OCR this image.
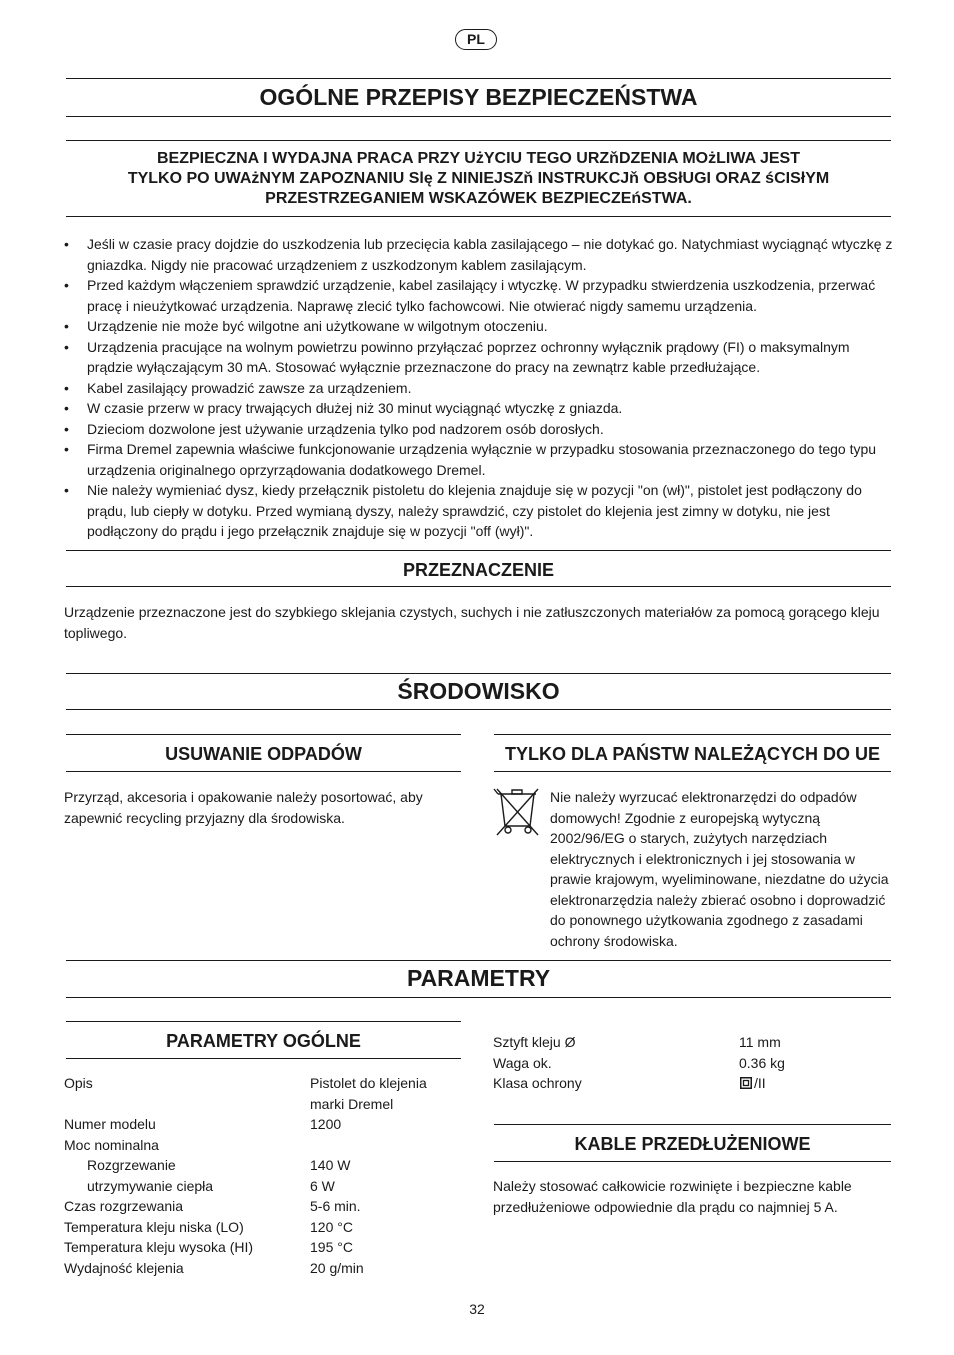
PL
OGÓLNE PRZEPISY BEZPIECZEŃSTWA
BEZPIECZNA I WYDAJNA PRACA PRZY UżYCIU TEGO URZňDZENIA MOżLIWA JEST
TYLKO PO UWAżNYM ZAPOZNANIU Slę Z NINIEJSZň INSTRUKCJň OBSłUGI ORAZ śCISłYM
PRZESTRZEGANIEM WSKAZÓWEK BEZPIECZEńSTWA.
• Jeśli w czasie pracy dojdzie do uszkodzenia lub przecięcia kabla zasilającego – nie dotykać go. Natychmiast wyciągnąć wtyczkę z gniazdka. Nigdy nie pracować urządzeniem z uszkodzonym kablem zasilającym.
• Przed każdym włączeniem sprawdzić urządzenie, kabel zasilający i wtyczkę. W przypadku stwierdzenia uszkodzenia, przerwać pracę i nieużytkować urządzenia. Naprawę zlecić tylko fachowcowi. Nie otwierać nigdy samemu urządzenia.
• Urządzenie nie może być wilgotne ani użytkowane w wilgotnym otoczeniu.
• Urządzenia pracujące na wolnym powietrzu powinno przyłączać poprzez ochronny wyłącznik prądowy (FI) o maksymalnym prądzie wyłączającym 30 mA. Stosować wyłącznie przeznaczone do pracy na zewnątrz kable przedłużające.
• Kabel zasilający prowadzić zawsze za urządzeniem.
• W czasie przerw w pracy trwających dłużej niż 30 minut wyciągnąć wtyczkę z gniazda.
• Dzieciom dozwolone jest używanie urządzenia tylko pod nadzorem osób dorosłych.
• Firma Dremel zapewnia właściwe funkcjonowanie urządzenia wyłącznie w przypadku stosowania przeznaczonego do tego typu urządzenia originalnego oprzyrządowania dodatkowego Dremel.
• Nie należy wymieniać dysz, kiedy przełącznik pistoletu do klejenia znajduje się w pozycji "on (wł)", pistolet jest podłączony do prądu, lub ciepły w dotyku. Przed wymianą dyszy, należy sprawdzić, czy pistolet do klejenia jest zimny w dotyku, nie jest podłączony do prądu i jego przełącznik znajduje się w pozycji "off (wył)".
PRZEZNACZENIE
Urządzenie przeznaczone jest do szybkiego sklejania czystych, suchych i nie zatłuszczonych materiałów za pomocą gorącego kleju topliwego.
ŚRODOWISKO
USUWANIE ODPADÓW
Przyrząd, akcesoria i opakowanie należy posortować, aby zapewnić recycling przyjazny dla środowiska.
TYLKO DLA PAŃSTW NALEŻĄCYCH DO UE
Nie należy wyrzucać elektronarzędzi do odpadów domowych! Zgodnie z europejską wytyczną 2002/96/EG o starych, zużytych narzędziach elektrycznych i elektronicznych i jej stosowania w prawie krajowym, wyeliminowane, niezdatne do użycia elektronarzędzia należy zbierać osobno i doprowadzić do ponownego użytkowania zgodnego z zasadami ochrony środowiska.
PARAMETRY
PARAMETRY OGÓLNE
Opis	Pistolet do klejenia marki Dremel
Numer modelu	1200
Moc nominalna
Rozgrzewanie	140 W
utrzymywanie ciepła	6 W
Czas rozgrzewania	5-6 min.
Temperatura kleju niska (LO)	120 °C
Temperatura kleju wysoka (HI)	195 °C
Wydajność klejenia	20 g/min
Sztyft kleju Ø	11 mm
Waga ok.	0.36 kg
Klasa ochrony	/II
KABLE PRZEDŁUŻENIOWE
Należy stosować całkowicie rozwinięte i bezpieczne kable przedłużeniowe odpowiednie dla prądu co najmniej 5 A.
32
